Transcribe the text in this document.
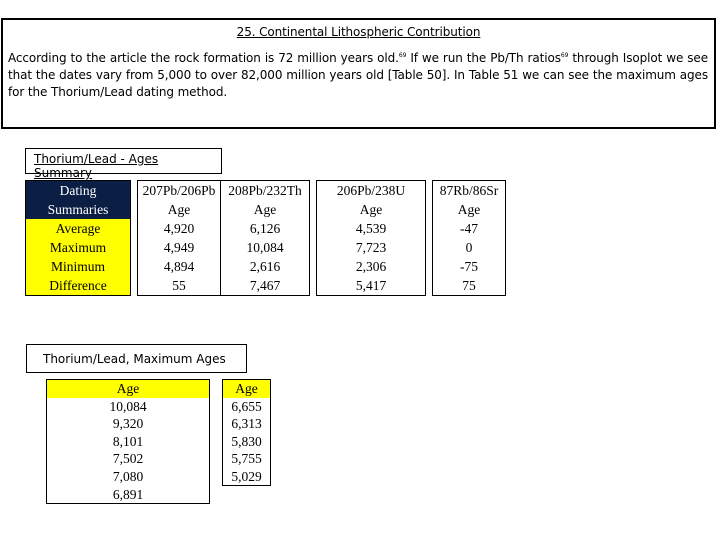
25. Continental Lithospheric Contribution
According to the article the rock formation is 72 million years old.$^{69}$ If we run the Pb/Th ratios$^{69}$ through Isoplot we see that the dates vary from 5,000 to over 82,000 million years old [Table 50]. In Table 51 we can see the maximum ages for the Thorium/Lead dating method.
Thorium/Lead - Ages Summary
Dating		207Pb/206Pb	208Pb/232Th		206Pb/238U		87Rb/86Sr
Summaries		Age	Age		Age		Age
Average		4,920	6,126		4,539		-47
Maximum		4,949	10,084		7,723		0
Minimum		4,894	2,616		2,306		-75
Difference		55	7,467		5,417		75
Thorium/Lead, Maximum Ages
Age		Age
10,084		6,655
9,320		6,313
8,101		5,830
7,502		5,755
7,080		5,029
6,891		
